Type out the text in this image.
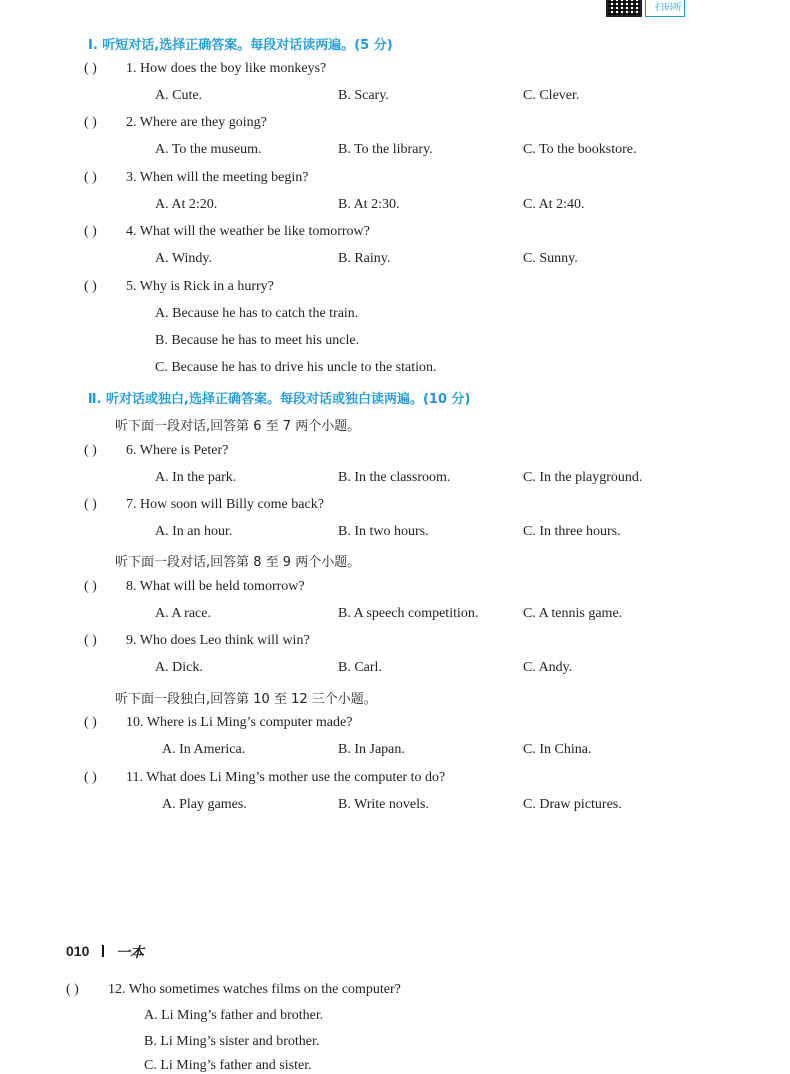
扫码听
Ⅰ. 听短对话,选择正确答案。每段对话读两遍。(5 分)
( ) 1. How does the boy like monkeys?
A. Cute.	B. Scary.	C. Clever.
( ) 2. Where are they going?
A. To the museum.	B. To the library.	C. To the bookstore.
( ) 3. When will the meeting begin?
A. At 2:20.	B. At 2:30.	C. At 2:40.
( ) 4. What will the weather be like tomorrow?
A. Windy.	B. Rainy.	C. Sunny.
( ) 5. Why is Rick in a hurry?
A. Because he has to catch the train.
B. Because he has to meet his uncle.
C. Because he has to drive his uncle to the station.
Ⅱ. 听对话或独白,选择正确答案。每段对话或独白读两遍。(10 分)
听下面一段对话,回答第 6 至 7 两个小题。
( ) 6. Where is Peter?
A. In the park.	B. In the classroom.	C. In the playground.
( ) 7. How soon will Billy come back?
A. In an hour.	B. In two hours.	C. In three hours.
听下面一段对话,回答第 8 至 9 两个小题。
( ) 8. What will be held tomorrow?
A. A race.	B. A speech competition.	C. A tennis game.
( ) 9. Who does Leo think will win?
A. Dick.	B. Carl.	C. Andy.
听下面一段独白,回答第 10 至 12 三个小题。
( ) 10. Where is Li Ming’s computer made?
A. In America.	B. In Japan.	C. In China.
( ) 11. What does Li Ming’s mother use the computer to do?
A. Play games.	B. Write novels.	C. Draw pictures.
010 一本
( ) 12. Who sometimes watches films on the computer?
A. Li Ming’s father and brother.
B. Li Ming’s sister and brother.
C. Li Ming’s father and sister.
